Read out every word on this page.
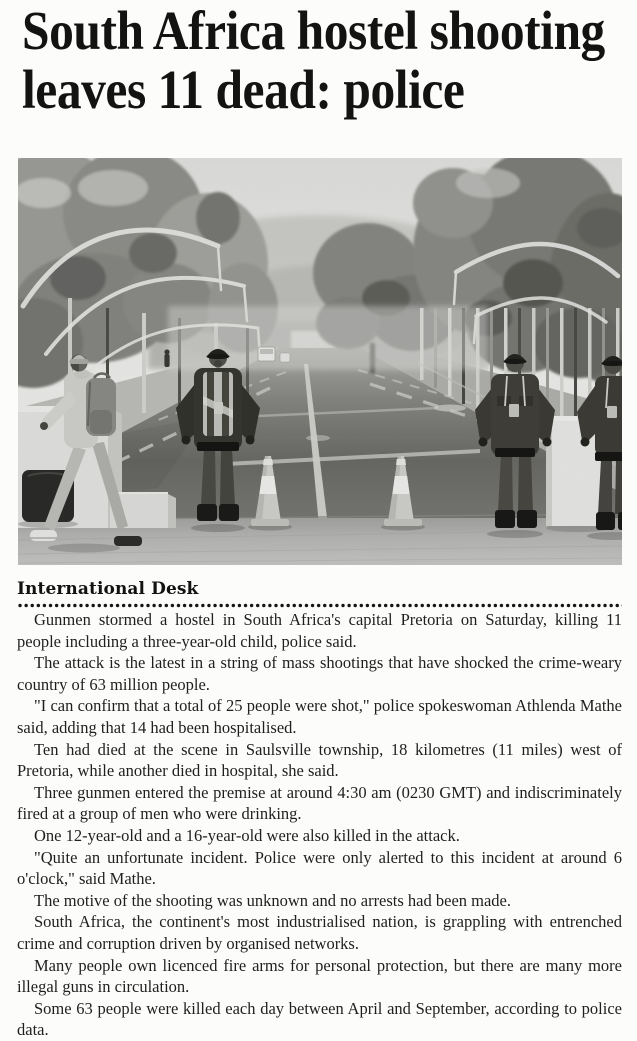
South Africa hostel shooting
leaves 11 dead: police
International Desk

Gunmen stormed a hostel in South Africa's capital Pretoria on Saturday, killing 11 people including a three-year-old child, police said.

The attack is the latest in a string of mass shootings that have shocked the crime-weary country of 63 million people.

"I can confirm that a total of 25 people were shot," police spokeswoman Athlenda Mathe said, adding that 14 had been hospitalised.

Ten had died at the scene in Saulsville township, 18 kilometres (11 miles) west of Pretoria, while another died in hospital, she said.

Three gunmen entered the premise at around 4:30 am (0230 GMT) and indiscriminately fired at a group of men who were drinking.

One 12-year-old and a 16-year-old were also killed in the attack.

"Quite an unfortunate incident. Police were only alerted to this incident at around 6 o'clock," said Mathe.

The motive of the shooting was unknown and no arrests had been made.

South Africa, the continent's most industrialised nation, is grappling with entrenched crime and corruption driven by organised networks.

Many people own licenced fire arms for personal protection, but there are many more illegal guns in circulation.

Some 63 people were killed each day between April and September, according to police data.
